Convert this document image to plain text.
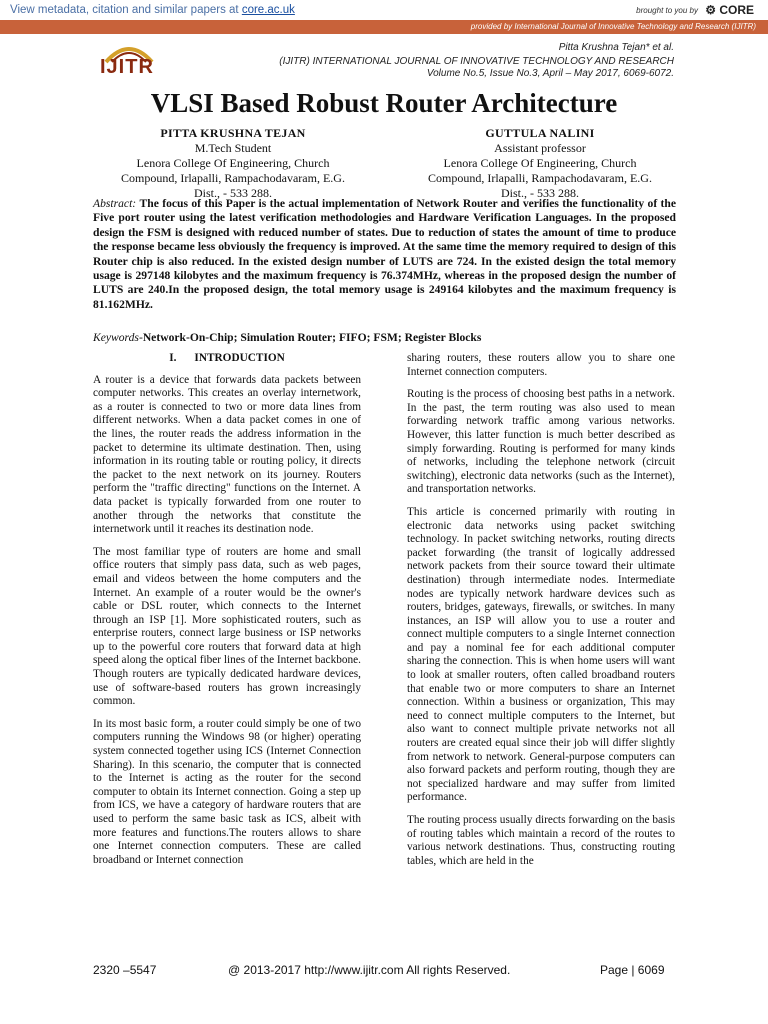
View metadata, citation and similar papers at core.ac.uk	brought to you by ⚙ CORE
provided by International Journal of Innovative Technology and Research (IJITR)
IJITR
Pitta Krushna Tejan* et al.
(IJITR) INTERNATIONAL JOURNAL OF INNOVATIVE TECHNOLOGY AND RESEARCH
Volume No.5, Issue No.3, April – May 2017, 6069-6072.
VLSI Based Robust Router Architecture
PITTA KRUSHNA TEJAN
M.Tech Student
Lenora College Of Engineering, Church
Compound, Irlapalli, Rampachodavaram, E.G.
Dist., - 533 288.
GUTTULA NALINI
Assistant professor
Lenora College Of Engineering, Church
Compound, Irlapalli, Rampachodavaram, E.G.
Dist., - 533 288.
Abstract: The focus of this Paper is the actual implementation of Network Router and verifies the functionality of the Five port router using the latest verification methodologies and Hardware Verification Languages. In the proposed design the FSM is designed with reduced number of states. Due to reduction of states the amount of time to produce the response became less obviously the frequency is improved. At the same time the memory required to design of this Router chip is also reduced. In the existed design number of LUTS are 724. In the existed design the total memory usage is 297148 kilobytes and the maximum frequency is 76.374MHz, whereas in the proposed design the number of LUTS are 240.In the proposed design, the total memory usage is 249164 kilobytes and the maximum frequency is 81.162MHz.
Keywords-Network-On-Chip; Simulation Router; FIFO; FSM; Register Blocks
I. INTRODUCTION

A router is a device that forwards data packets between computer networks. This creates an overlay internetwork, as a router is connected to two or more data lines from different networks. When a data packet comes in one of the lines, the router reads the address information in the packet to determine its ultimate destination. Then, using information in its routing table or routing policy, it directs the packet to the next network on its journey. Routers perform the "traffic directing" functions on the Internet. A data packet is typically forwarded from one router to another through the networks that constitute the internetwork until it reaches its destination node.

The most familiar type of routers are home and small office routers that simply pass data, such as web pages, email and videos between the home computers and the Internet. An example of a router would be the owner's cable or DSL router, which connects to the Internet through an ISP [1]. More sophisticated routers, such as enterprise routers, connect large business or ISP networks up to the powerful core routers that forward data at high speed along the optical fiber lines of the Internet backbone. Though routers are typically dedicated hardware devices, use of software-based routers has grown increasingly common.

In its most basic form, a router could simply be one of two computers running the Windows 98 (or higher) operating system connected together using ICS (Internet Connection Sharing). In this scenario, the computer that is connected to the Internet is acting as the router for the second computer to obtain its Internet connection. Going a step up from ICS, we have a category of hardware routers that are used to perform the same basic task as ICS, albeit with more features and functions.The routers allows to share one Internet connection computers. These are called broadband or Internet connection

sharing routers, these routers allow you to share one Internet connection computers.

Routing is the process of choosing best paths in a network. In the past, the term routing was also used to mean forwarding network traffic among various networks. However, this latter function is much better described as simply forwarding. Routing is performed for many kinds of networks, including the telephone network (circuit switching), electronic data networks (such as the Internet), and transportation networks.

This article is concerned primarily with routing in electronic data networks using packet switching technology. In packet switching networks, routing directs packet forwarding (the transit of logically addressed network packets from their source toward their ultimate destination) through intermediate nodes. Intermediate nodes are typically network hardware devices such as routers, bridges, gateways, firewalls, or switches. In many instances, an ISP will allow you to use a router and connect multiple computers to a single Internet connection and pay a nominal fee for each additional computer sharing the connection. This is when home users will want to look at smaller routers, often called broadband routers that enable two or more computers to share an Internet connection. Within a business or organization, This may need to connect multiple computers to the Internet, but also want to connect multiple private networks not all routers are created equal since their job will differ slightly from network to network. General-purpose computers can also forward packets and perform routing, though they are not specialized hardware and may suffer from limited performance.

The routing process usually directs forwarding on the basis of routing tables which maintain a record of the routes to various network destinations. Thus, constructing routing tables, which are held in the

2320 –5547	@ 2013-2017 http://www.ijitr.com All rights Reserved.	Page | 6069
